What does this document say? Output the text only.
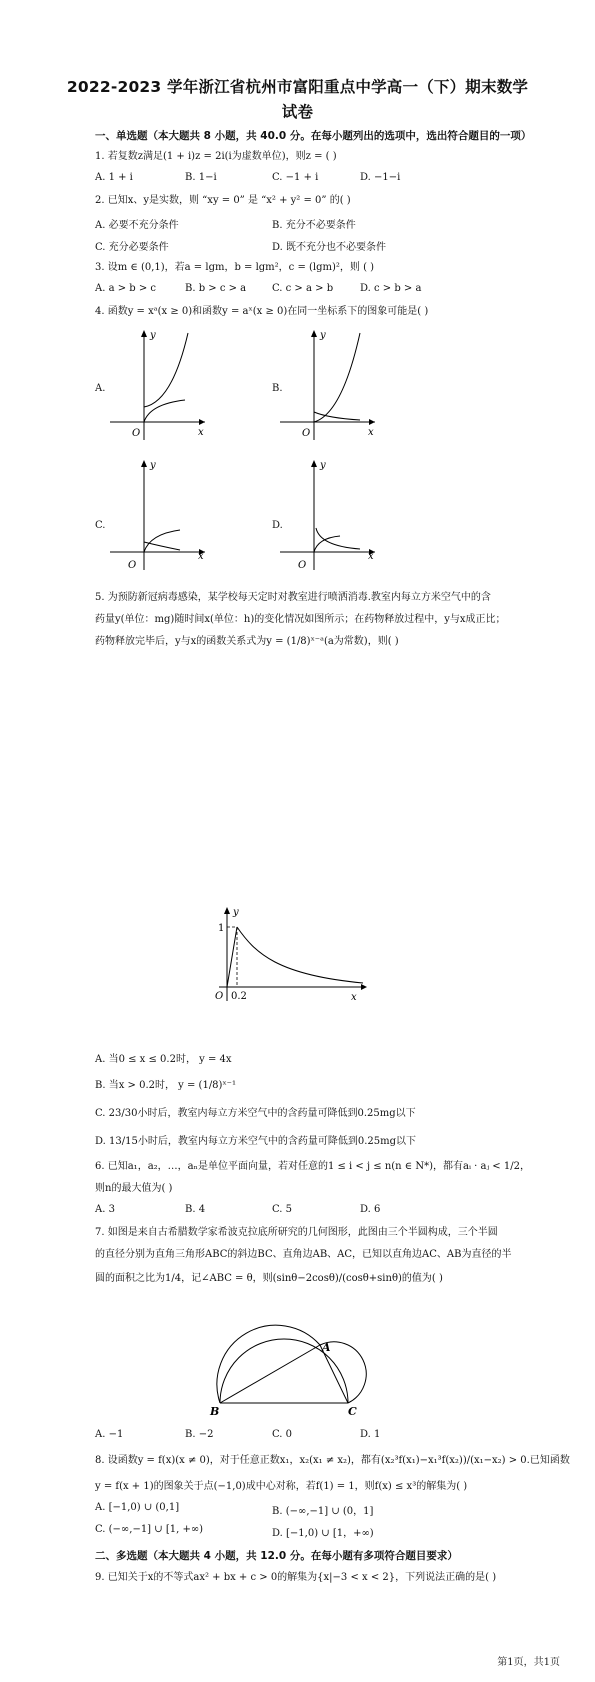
2022-2023 学年浙江省杭州市富阳重点中学高一（下）期末数学
试卷
一、单选题（本大题共 8 小题，共 40.0 分。在每小题列出的选项中，选出符合题目的一项）
1. 若复数z满足(1 + i)z = 2i(i为虚数单位)，则z = ( )
A. 1 + i	B. 1−i	C. −1 + i	D. −1−i
2. 已知x、y是实数，则 “xy = 0” 是 “x² + y² = 0” 的( )
A. 必要不充分条件	B. 充分不必要条件
C. 充分必要条件	D. 既不充分也不必要条件
3. 设m ∈ (0,1)，若a = lgm，b = lgm²，c = (lgm)²，则 ( )
A. a > b > c	B. b > c > a	C. c > a > b	D. c > b > a
4. 函数y = xᵃ(x ≥ 0)和函数y = aˣ(x ≥ 0)在同一坐标系下的图象可能是( )
A.	B.
C.	D.
y
x
O
y
x
O
y
x
O
y
x
O
5. 为预防新冠病毒感染，某学校每天定时对教室进行喷洒消毒.教室内每立方米空气中的含
药量y(单位：mg)随时间x(单位：h)的变化情况如图所示；在药物释放过程中，y与x成正比；
药物释放完毕后，y与x的函数关系式为y = (1/8)ˣ⁻ᵃ(a为常数)，则( )
y
1
x
O 0.2
A. 当0 ≤ x ≤ 0.2时， y = 4x
B. 当x > 0.2时， y = (1/8)ˣ⁻¹
C. 23/30小时后，教室内每立方米空气中的含药量可降低到0.25mg以下
D. 13/15小时后，教室内每立方米空气中的含药量可降低到0.25mg以下
6. 已知a₁，a₂，…，aₙ是单位平面向量，若对任意的1 ≤ i < j ≤ n(n ∈ N*)，都有aᵢ · aⱼ < 1/2，
则n的最大值为( )
A. 3	B. 4	C. 5	D. 6
7. 如图是来自古希腊数学家希波克拉底所研究的几何图形，此图由三个半圆构成，三个半圆
的直径分别为直角三角形ABC的斜边BC、直角边AB、AC，已知以直角边AC、AB为直径的半
圆的面积之比为1/4，记∠ABC = θ，则(sinθ−2cosθ)/(cosθ+sinθ)的值为( )
A
B	C
A. −1	B. −2	C. 0	D. 1
8. 设函数y = f(x)(x ≠ 0)，对于任意正数x₁，x₂(x₁ ≠ x₂)，都有(x₂³f(x₁)−x₁³f(x₂))/(x₁−x₂) > 0.已知函数
y = f(x + 1)的图象关于点(−1,0)成中心对称，若f(1) = 1，则f(x) ≤ x³的解集为( )
A. [−1,0) ∪ (0,1]	B. (−∞,−1] ∪ (0，1]
C. (−∞,−1] ∪ [1, +∞)	D. [−1,0) ∪ [1，+∞)
二、多选题（本大题共 4 小题，共 12.0 分。在每小题有多项符合题目要求）
9. 已知关于x的不等式ax² + bx + c > 0的解集为{x|−3 < x < 2}，下列说法正确的是( )
第1页，共1页
